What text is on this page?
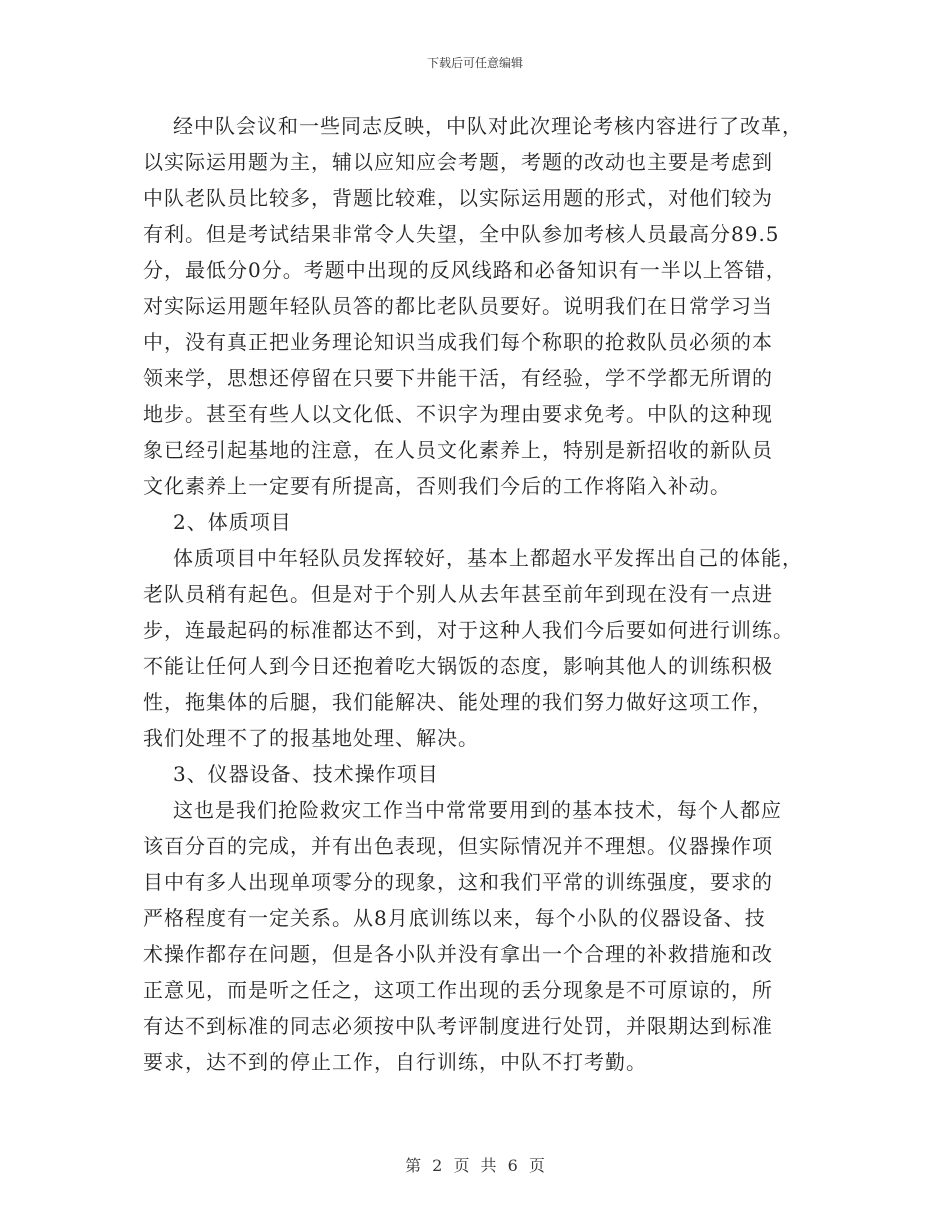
下载后可任意编辑
经中队会议和一些同志反映，中队对此次理论考核内容进行了改革，
以实际运用题为主，辅以应知应会考题，考题的改动也主要是考虑到
中队老队员比较多，背题比较难，以实际运用题的形式，对他们较为
有利。但是考试结果非常令人失望，全中队参加考核人员最高分89.5
分，最低分0分。考题中出现的反风线路和必备知识有一半以上答错，
对实际运用题年轻队员答的都比老队员要好。说明我们在日常学习当
中，没有真正把业务理论知识当成我们每个称职的抢救队员必须的本
领来学，思想还停留在只要下井能干活，有经验，学不学都无所谓的
地步。甚至有些人以文化低、不识字为理由要求免考。中队的这种现
象已经引起基地的注意，在人员文化素养上，特别是新招收的新队员
文化素养上一定要有所提高，否则我们今后的工作将陷入补动。
2、体质项目
体质项目中年轻队员发挥较好，基本上都超水平发挥出自己的体能，
老队员稍有起色。但是对于个别人从去年甚至前年到现在没有一点进
步，连最起码的标准都达不到，对于这种人我们今后要如何进行训练。
不能让任何人到今日还抱着吃大锅饭的态度，影响其他人的训练积极
性，拖集体的后腿，我们能解决、能处理的我们努力做好这项工作，
我们处理不了的报基地处理、解决。
3、仪器设备、技术操作项目
这也是我们抢险救灾工作当中常常要用到的基本技术，每个人都应
该百分百的完成，并有出色表现，但实际情况并不理想。仪器操作项
目中有多人出现单项零分的现象，这和我们平常的训练强度，要求的
严格程度有一定关系。从8月底训练以来，每个小队的仪器设备、技
术操作都存在问题，但是各小队并没有拿出一个合理的补救措施和改
正意见，而是听之任之，这项工作出现的丢分现象是不可原谅的，所
有达不到标准的同志必须按中队考评制度进行处罚，并限期达到标准
要求，达不到的停止工作，自行训练，中队不打考勤。
第 2 页 共 6 页
